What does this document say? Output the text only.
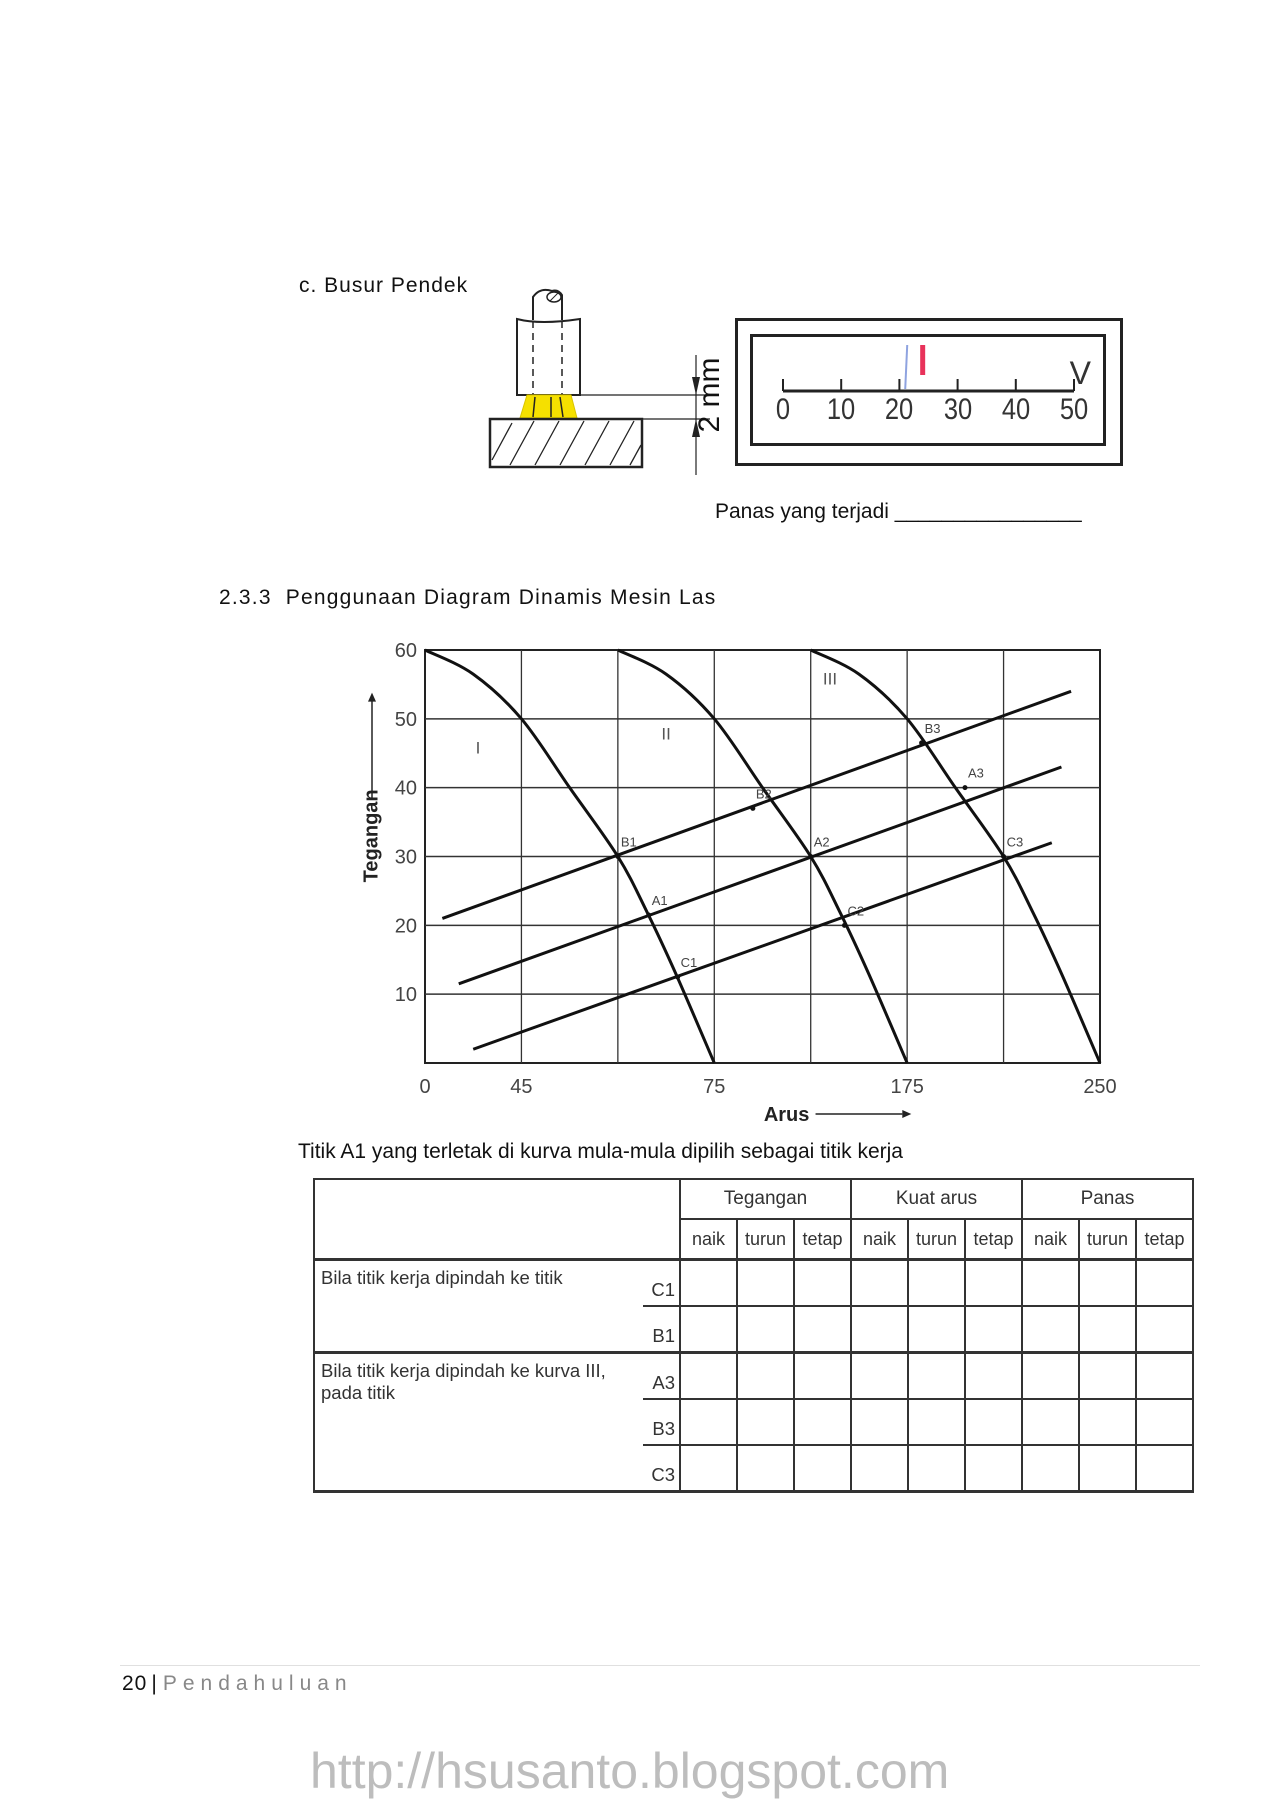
c. Busur Pendek
2 mm 0 10 20 30 40 50
V
Panas yang terjadi ________________
2.3.3  Penggunaan Diagram Dinamis Mesin Las
I
II
III
B1
A1
C1
B2
A2
C2
B3
A3
C3
10
20
30
40
50
60
0	45	75	175	250
Arus
Tegangan
Titik A1 yang terletak di kurva mula-mula dipilih sebagai titik kerja
		Tegangan			Kuat arus			Panas		
		naik	turun	tetap	naik	turun	tetap	naik	turun	tetap
Bila titik kerja dipindah ke titik	C1									
	B1									
Bila titik kerja dipindah ke kurva III, pada titik	A3									
	B3									
	C3									
20 | Pendahuluan
http://hsusanto.blogspot.com
